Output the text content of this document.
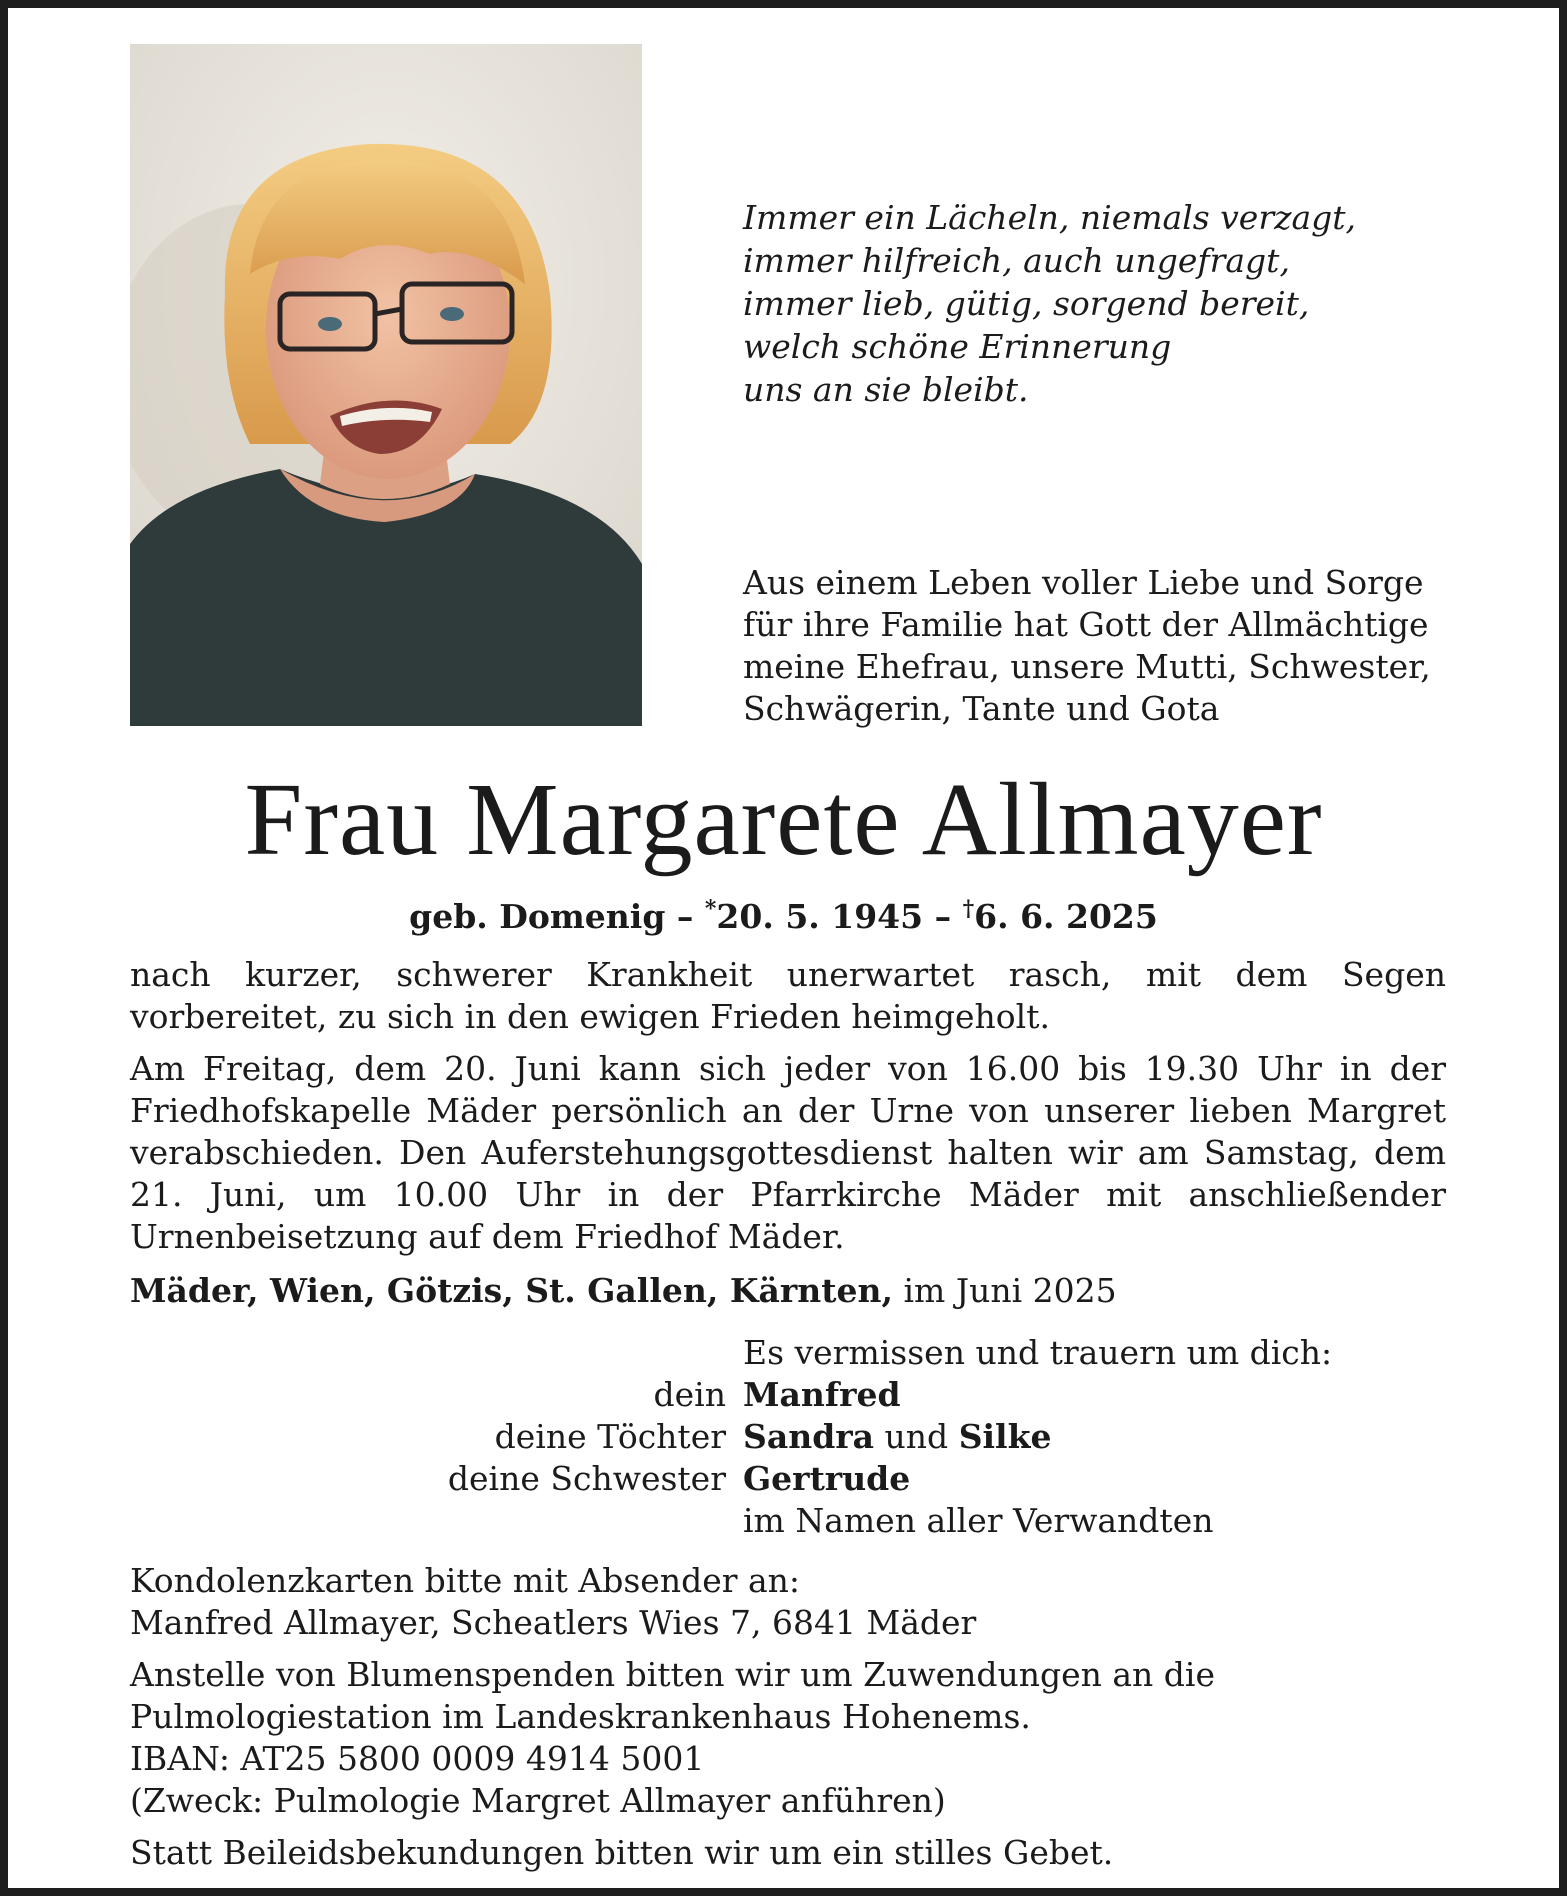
Immer ein Lächeln, niemals verzagt,
immer hilfreich, auch ungefragt,
immer lieb, gütig, sorgend bereit,
welch schöne Erinnerung
uns an sie bleibt.
Aus einem Leben voller Liebe und Sorge
für ihre Familie hat Gott der Allmächtige
meine Ehefrau, unsere Mutti, Schwester,
Schwägerin, Tante und Gota
Frau Margarete Allmayer
geb. Domenig – *20. 5. 1945 – †6. 6. 2025
nach kurzer, schwerer Krankheit unerwartet rasch, mit dem Segen vorbereitet, zu sich in den ewigen Frieden heimgeholt.
Am Freitag, dem 20. Juni kann sich jeder von 16.00 bis 19.30 Uhr in der Friedhofskapelle Mäder persönlich an der Urne von unserer lieben Margret verabschieden. Den Auferstehungsgottesdienst halten wir am Samstag, dem 21. Juni, um 10.00 Uhr in der Pfarrkirche Mäder mit anschließender Urnenbeisetzung auf dem Friedhof Mäder.
Mäder, Wien, Götzis, St. Gallen, Kärnten, im Juni 2025
Es vermissen und trauern um dich:
dein Manfred
deine Töchter Sandra und Silke
deine Schwester Gertrude
im Namen aller Verwandten
Kondolenzkarten bitte mit Absender an:
Manfred Allmayer, Scheatlers Wies 7, 6841 Mäder
Anstelle von Blumenspenden bitten wir um Zuwendungen an die
Pulmologiestation im Landeskrankenhaus Hohenems.
IBAN: AT25 5800 0009 4914 5001
(Zweck: Pulmologie Margret Allmayer anführen)
Statt Beileidsbekundungen bitten wir um ein stilles Gebet.
